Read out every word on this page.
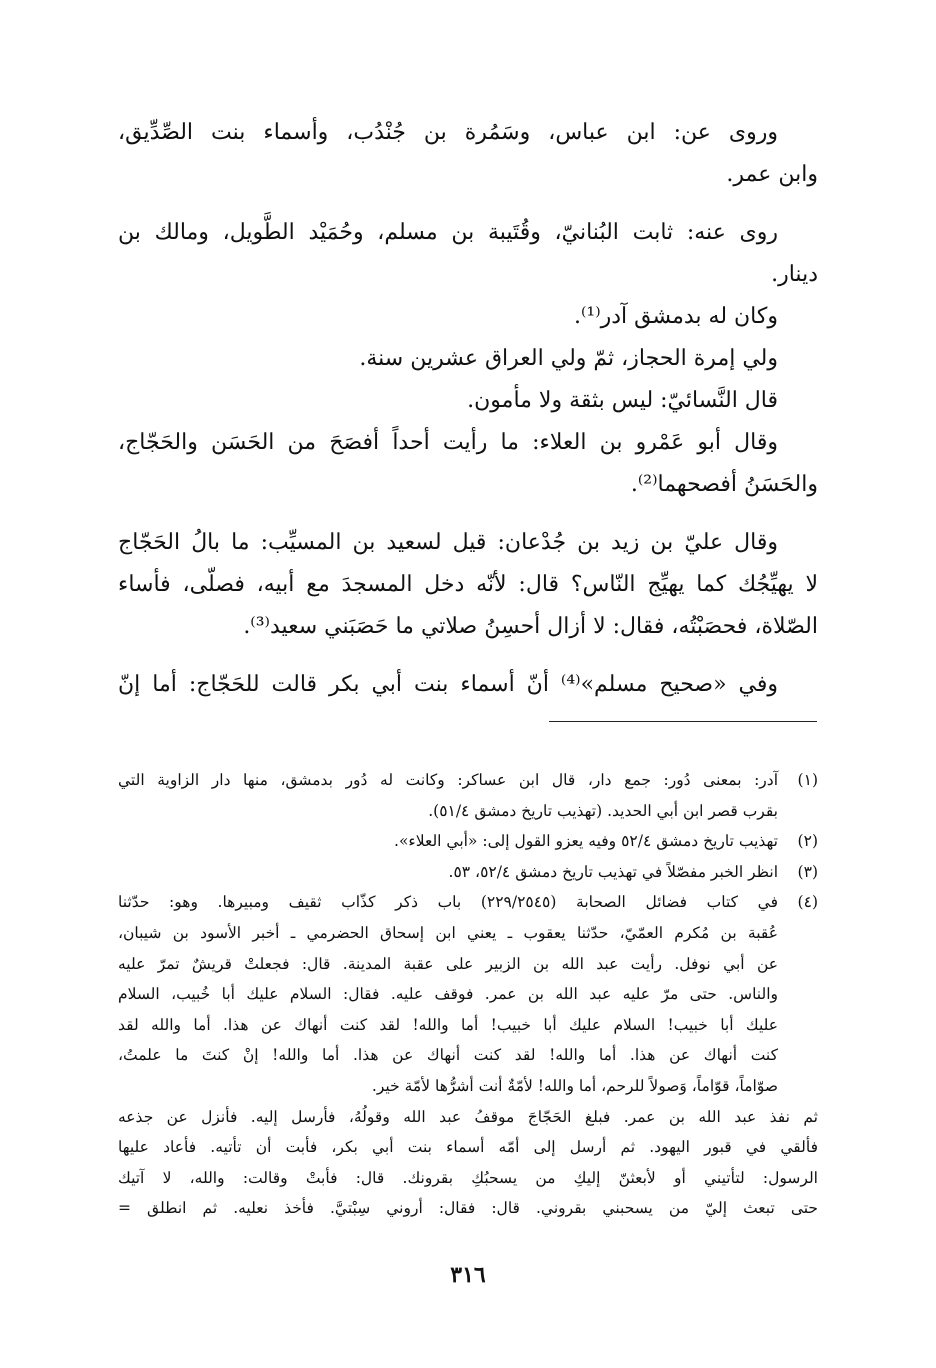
وروى عن: ابن عباس، وسَمُرة بن جُنْدُب، وأسماء بنت الصِّدِّيق،
وابن عمر.
روى عنه: ثابت البُنانيّ، وقُتَيبة بن مسلم، وحُمَيْد الطَّويل، ومالك بن
دينار.
وكان له بدمشق آدر⁽¹⁾.
ولي إمرة الحجاز، ثمّ ولي العراق عشرين سنة.
قال النَّسائيّ: ليس بثقة ولا مأمون.
وقال أبو عَمْرو بن العلاء: ما رأيت أحداً أفصَحَ من الحَسَن والحَجّاج،
والحَسَنُ أفصحهما⁽²⁾.
وقال عليّ بن زيد بن جُدْعان: قيل لسعيد بن المسيِّب: ما بالُ الحَجّاج
لا يهيِّجُك كما يهيِّج النّاس؟ قال: لأنّه دخل المسجدَ مع أبيه، فصلّى، فأساء
الصّلاة، فحصَبْتُه، فقال: لا أزال أحسِنُ صلاتي ما حَصَبَني سعيد⁽³⁾.
وفي «صحيح مسلم»⁽⁴⁾ أنّ أسماء بنت أبي بكر قالت للحَجّاج: أما إنّ
(١)
آدر: بمعنى دُور: جمع دار، قال ابن عساكر: وكانت له دُور بدمشق، منها دار الزاوية التي
بقرب قصر ابن أبي الحديد. (تهذيب تاريخ دمشق ٥١/٤).
(٢)
تهذيب تاريخ دمشق ٥٢/٤ وفيه يعزو القول إلى: «أبي العلاء».
(٣)
انظر الخبر مفصّلاً في تهذيب تاريخ دمشق ٥٢/٤، ٥٣.
(٤)
في كتاب فضائل الصحابة (٢٢٩/٢٥٤٥) باب ذكر كذّاب ثقيف ومبيرها. وهو: حدّثنا
عُقبة بن مُكرم العمّيّ، حدّثنا يعقوب ـ يعني ابن إسحاق الحضرمي ـ أخبر الأسود بن شيبان،
عن أبي نوفل. رأيت عبد الله بن الزبير على عقبة المدينة. قال: فجعلتْ قريشٌ تمرّ عليه
والناس. حتى مرّ عليه عبد الله بن عمر. فوقف عليه. فقال: السلام عليك أبا خُبيب، السلام
عليك أبا خبيب! السلام عليك أبا خبيب! أما والله! لقد كنت أنهاك عن هذا. أما والله لقد
كنت أنهاك عن هذا. أما والله! لقد كنت أنهاك عن هذا. أما والله! إنْ كنتَ ما علمتُ،
صوّاماً، قوّاماً، وَصولاً للرحم، أما والله! لأمّةٌ أنت أشرُّها لأمّة خير.
ثم نفذ عبد الله بن عمر. فبلغ الحَجّاجَ موقفُ عبد الله وقولُهُ، فأرسل إليه. فأنزل عن جذعه
فألقي في قبور اليهود. ثم أرسل إلى أمّه أسماء بنت أبي بكر، فأبت أن تأتيه. فأعاد عليها
الرسول: لتأتيني أو لأبعثنّ إليكِ من يسحبُكِ بقرونك. قال: فأبتْ وقالت: والله، لا آتيك
حتى تبعث إليّ من يسحبني بقروني. قال: فقال: أروني سِبْتيَّ. فأخذ نعليه. ثم انطلق =
٣١٦
